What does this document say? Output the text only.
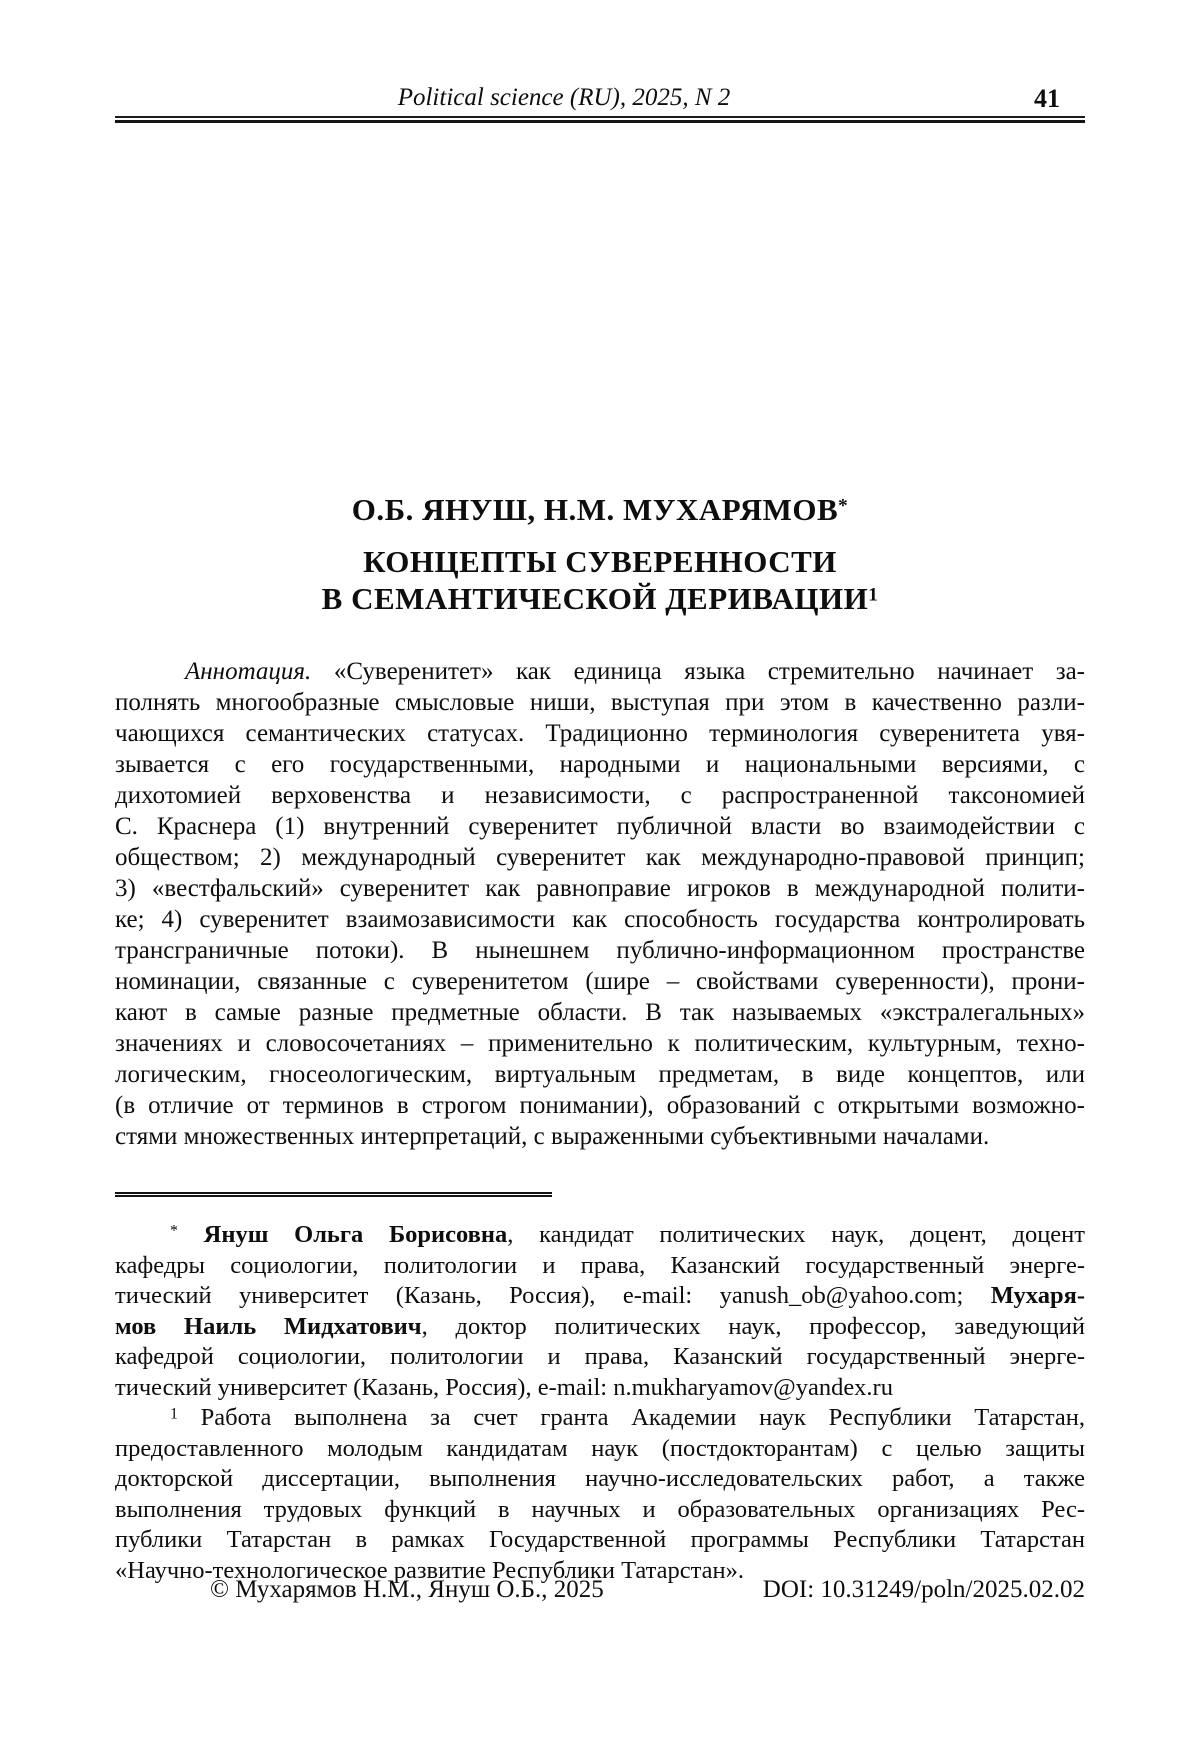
Political science (RU), 2025, N 2	41
О.Б. ЯНУШ, Н.М. МУХАРЯМОВ*
КОНЦЕПТЫ СУВЕРЕННОСТИ
В СЕМАНТИЧЕСКОЙ ДЕРИВАЦИИ$^1$
Аннотация. «Суверенитет» как единица языка стремительно начинает за-
полнять многообразные смысловые ниши, выступая при этом в качественно разли-
чающихся семантических статусах. Традиционно терминология суверенитета увя-
зывается с его государственными, народными и национальными версиями, с
дихотомией верховенства и независимости, с распространенной таксономией
С. Краснера (1) внутренний суверенитет публичной власти во взаимодействии с
обществом; 2) международный суверенитет как международно-правовой принцип;
3) «вестфальский» суверенитет как равноправие игроков в международной полити-
ке; 4) суверенитет взаимозависимости как способность государства контролировать
трансграничные потоки). В нынешнем публично-информационном пространстве
номинации, связанные с суверенитетом (шире – свойствами суверенности), прони-
кают в самые разные предметные области. В так называемых «экстралегальных»
значениях и словосочетаниях – применительно к политическим, культурным, техно-
логическим, гносеологическим, виртуальным предметам, в виде концептов, или
(в отличие от терминов в строгом понимании), образований с открытыми возможно-
стями множественных интерпретаций, с выраженными субъективными началами.
* Януш Ольга Борисовна, кандидат политических наук, доцент, доцент
кафедры социологии, политологии и права, Казанский государственный энерге-
тический университет (Казань, Россия), e-mail: yanush_ob@yahoo.com; Мухаря-
мов Наиль Мидхатович, доктор политических наук, профессор, заведующий
кафедрой социологии, политологии и права, Казанский государственный энерге-
тический университет (Казань, Россия), e-mail: n.mukharyamov@yandex.ru
$^1$ Работа выполнена за счет гранта Академии наук Республики Татарстан,
предоставленного молодым кандидатам наук (постдокторантам) с целью защиты
докторской диссертации, выполнения научно-исследовательских работ, а также
выполнения трудовых функций в научных и образовательных организациях Рес-
публики Татарстан в рамках Государственной программы Республики Татарстан
«Научно-технологическое развитие Республики Татарстан».
© Мухарямов Н.М., Януш О.Б., 2025	DOI: 10.31249/poln/2025.02.02
